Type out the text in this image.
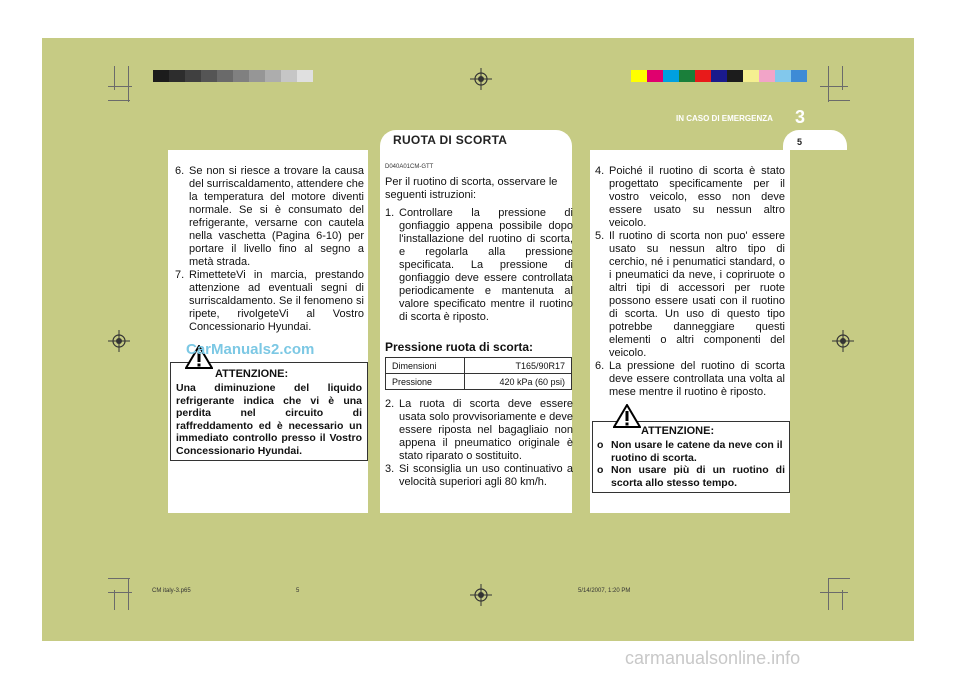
IN CASO DI EMERGENZA 3
RUOTA DI SCORTA	5
6. Se non si riesce a trovare la causa del surriscaldamento, attendere che la temperatura del motore diventi normale. Se si è consumato del refrigerante, versarne con cautela nella vaschetta (Pagina 6-10) per portare il livello fino al segno a metà strada.
7. RimetteteVi in marcia, prestando attenzione ad eventuali segni di surriscaldamento. Se il fenomeno si ripete, rivolgeteVi al Vostro Concessionario Hyundai.
ATTENZIONE:
Una diminuzione del liquido refrigerante indica che vi è una perdita nel circuito di raffreddamento ed è necessario un immediato controllo presso il Vostro Concessionario Hyundai.
CarManuals2.com
D040A01CM-GTT
Per il ruotino di scorta, osservare le seguenti istruzioni:
1. Controllare la pressione di gonfiaggio appena possibile dopo l'installazione del ruotino di scorta, e regolarla alla pressione specificata. La pressione di gonfiaggio deve essere controllata periodicamente e mantenuta al valore specificato mentre il ruotino di scorta è riposto.
Pressione ruota di scorta:
Dimensioni	T165/90R17
Pressione	420 kPa (60 psi)
2. La ruota di scorta deve essere usata solo provvisoriamente e deve essere riposta nel bagagliaio non appena il pneumatico originale è stato riparato o sostituito.
3. Si sconsiglia un uso continuativo a velocità superiori agli 80 km/h.
4. Poiché il ruotino di scorta è stato progettato specificamente per il vostro veicolo, esso non deve essere usato su nessun altro veicolo.
5. Il ruotino di scorta non puo' essere usato su nessun altro tipo di cerchio, né i penumatici standard, o i pneumatici da neve, i copriruote o altri tipi di accessori per ruote possono essere usati con il ruotino di scorta. Un uso di questo tipo potrebbe danneggiare questi elementi o altri componenti del veicolo.
6. La pressione del ruotino di scorta deve essere controllata una volta al mese mentre il ruotino è riposto.
ATTENZIONE:
o Non usare le catene da neve con il ruotino di scorta.
o Non usare più di un ruotino di scorta allo stesso tempo.
CM italy-3.p65	5	5/14/2007, 1:20 PM
carmanualsonline.info
